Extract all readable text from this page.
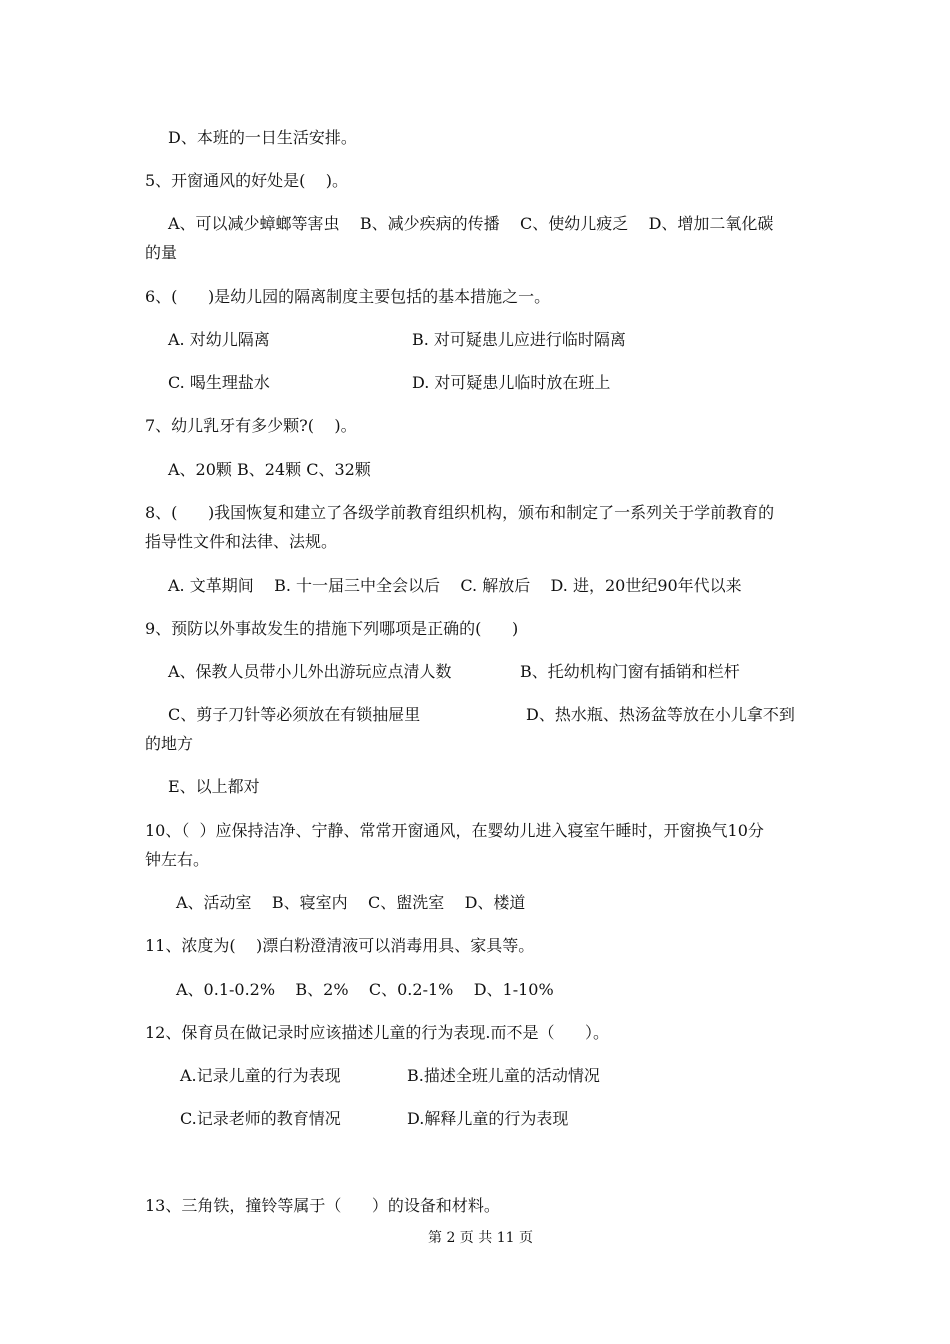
D、本班的一日生活安排。
5、开窗通风的好处是(    )。
A、可以减少蟑螂等害虫    B、减少疾病的传播    C、使幼儿疲乏    D、增加二氧化碳
的量
6、(      )是幼儿园的隔离制度主要包括的基本措施之一。
A. 对幼儿隔离	B. 对可疑患儿应进行临时隔离
C. 喝生理盐水	D. 对可疑患儿临时放在班上
7、幼儿乳牙有多少颗?(    )。
A、20颗 B、24颗 C、32颗
8、(      )我国恢复和建立了各级学前教育组织机构，颁布和制定了一系列关于学前教育的
指导性文件和法律、法规。
A. 文革期间    B. 十一届三中全会以后    C. 解放后    D. 进，20世纪90年代以来
9、预防以外事故发生的措施下列哪项是正确的(      )
A、保教人员带小儿外出游玩应点清人数	B、托幼机构门窗有插销和栏杆
C、剪子刀针等必须放在有锁抽屉里	D、热水瓶、热汤盆等放在小儿拿不到
的地方
E、以上都对
10、（  ）应保持洁净、宁静、常常开窗通风，在婴幼儿进入寝室午睡时，开窗换气10分
钟左右。
A、活动室    B、寝室内    C、盥洗室    D、楼道
11、浓度为(    )漂白粉澄清液可以消毒用具、家具等。
A、0.1-0.2%    B、2%    C、0.2-1%    D、1-10%
12、保育员在做记录时应该描述儿童的行为表现.而不是（      ）。
A.记录儿童的行为表现	B.描述全班儿童的活动情况
C.记录老师的教育情况	D.解释儿童的行为表现
13、三角铁，撞铃等属于（      ）的设备和材料。
第 2 页 共 11 页
